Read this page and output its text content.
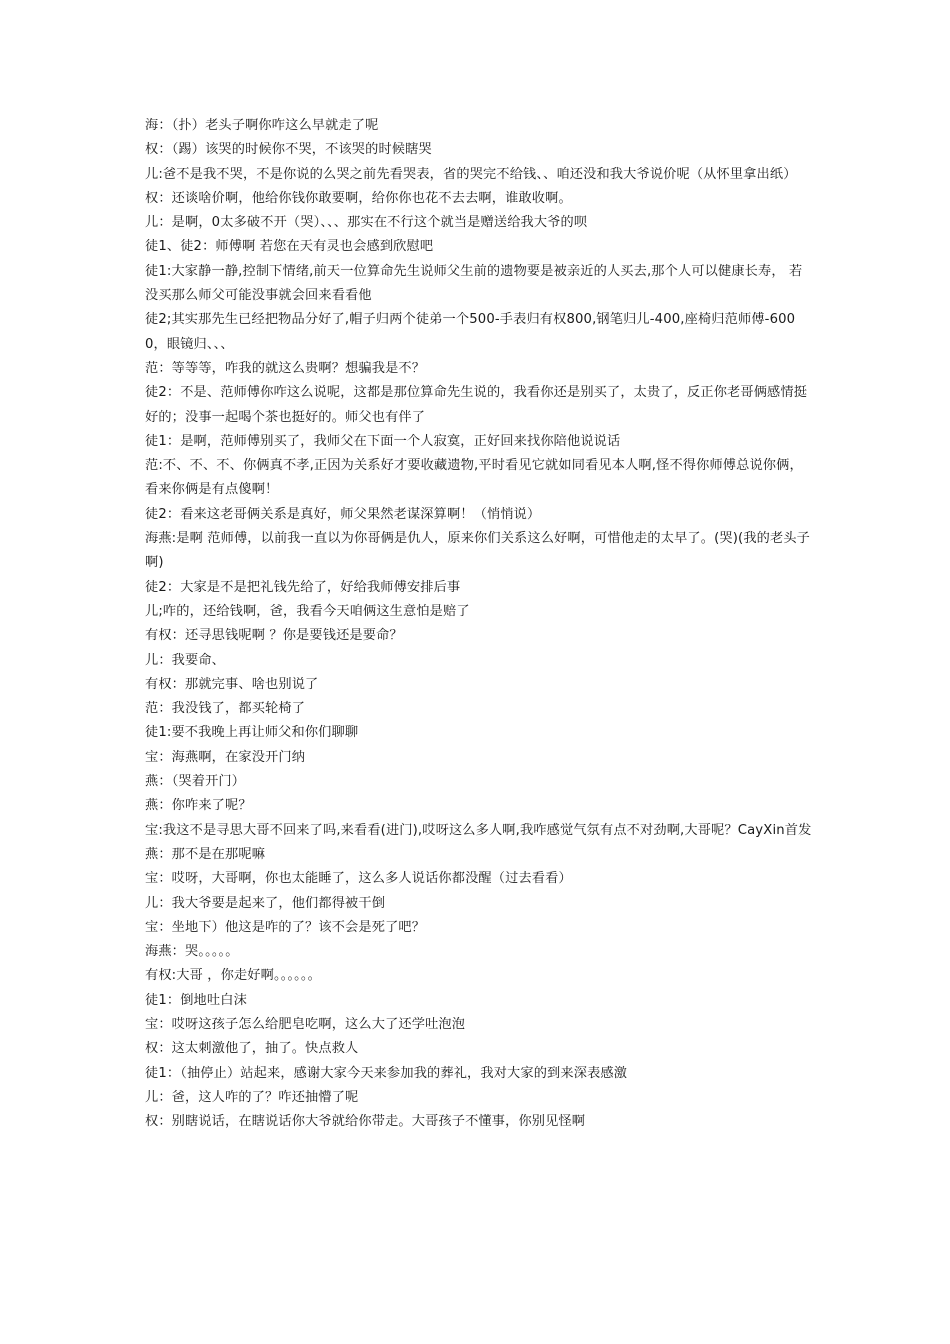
海：（扑）老头子啊你咋这么早就走了呢

权：（踢）该哭的时候你不哭，不该哭的时候瞎哭

儿:爸不是我不哭，不是你说的么哭之前先看哭表，省的哭完不给钱、、咱还没和我大爷说价呢（从怀里拿出纸）

权：还谈啥价啊，他给你钱你敢要啊，给你你也花不去去啊，谁敢收啊。

儿：是啊，0太多破不开（哭）、、、那实在不行这个就当是赠送给我大爷的呗

徒1、徒2：师傅啊 若您在天有灵也会感到欣慰吧

徒1:大家静一静,控制下情绪,前天一位算命先生说师父生前的遗物要是被亲近的人买去,那个人可以健康长寿， 若没买那么师父可能没事就会回来看看他

徒2;其实那先生已经把物品分好了,帽子归两个徒弟一个500-手表归有权800,钢笔归儿-400,座椅归范师傅-6000，眼镜归、、、

范：等等等，咋我的就这么贵啊？想骗我是不？

徒2：不是、范师傅你咋这么说呢，这都是那位算命先生说的，我看你还是别买了，太贵了，反正你老哥俩感情挺好的；没事一起喝个茶也挺好的。师父也有伴了

徒1：是啊，范师傅别买了，我师父在下面一个人寂寞，正好回来找你陪他说说话

范:不、不、不、你俩真不孝,正因为关系好才要收藏遗物,平时看见它就如同看见本人啊,怪不得你师傅总说你俩，看来你俩是有点傻啊！

徒2：看来这老哥俩关系是真好，师父果然老谋深算啊！（悄悄说）

海燕:是啊 范师傅，以前我一直以为你哥俩是仇人，原来你们关系这么好啊，可惜他走的太早了。(哭)(我的老头子啊)

徒2：大家是不是把礼钱先给了，好给我师傅安排后事

儿;咋的，还给钱啊，爸，我看今天咱俩这生意怕是赔了

有权：还寻思钱呢啊 ？你是要钱还是要命？

儿：我要命、

有权：那就完事、啥也别说了

范：我没钱了，都买轮椅了

徒1:要不我晚上再让师父和你们聊聊

宝：海燕啊，在家没开门纳

燕：（哭着开门）

燕：你咋来了呢？

宝:我这不是寻思大哥不回来了吗,来看看(进门),哎呀这么多人啊,我咋感觉气氛有点不对劲啊,大哥呢？CayXin首发

燕：那不是在那呢嘛

宝：哎呀，大哥啊，你也太能睡了，这么多人说话你都没醒（过去看看）

儿：我大爷要是起来了，他们都得被干倒

宝：坐地下）他这是咋的了？该不会是死了吧？

海燕：哭。。。。。

有权:大哥 ，你走好啊。。。。。。

徒1：倒地吐白沫

宝：哎呀这孩子怎么给肥皂吃啊，这么大了还学吐泡泡

权：这太刺激他了，抽了。快点救人

徒1：（抽停止）站起来，感谢大家今天来参加我的葬礼，我对大家的到来深表感激

儿：爸，这人咋的了？咋还抽懵了呢

权：别瞎说话，在瞎说话你大爷就给你带走。大哥孩子不懂事，你别见怪啊
